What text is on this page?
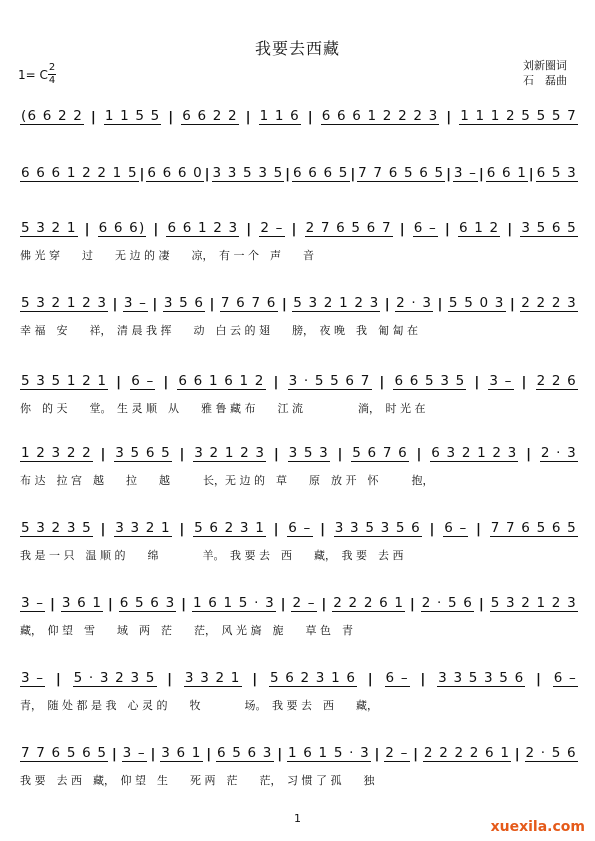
我要去西藏
1= C
2
4
刘新圈词
石　磊曲
(6 6 2 2 | 1 1 5 5 | 6 6 2 2 | 1 1 6 | 6 6 6 1 2 2 2 3 | 1 1 1 2 5 5 5 7
6 6 6 1 2 2 1 5 | 6 6 6 0 | 3 3 5 3 5 | 6 6 6 5 | 7 7 6 5 6 5 | 3 – | 6 6 1 | 6 5 3
5 3 2 1 | 6 6 6) | 6 6 1 2 3 | 2 – | 2 7 6 5 6 7 | 6 – | 6 1 2 | 3 5 6 5
佛 光 穿　　过　　无 边 的 凄　　凉，　有 一 个　声　　音
5 3 2 1 2 3 | 3 – | 3 5 6 | 7 6 7 6 | 5 3 2 1 2 3 | 2 · 3 | 5 5 0 3 | 2 2 2 3
幸 福　安　　祥，　清 晨 我 挥　　动　白 云 的 翅　　膀，　夜 晚　我　匍 匐 在
5 3 5 1 2 1 | 6 – | 6 6 1 6 1 2 | 3 · 5 5 6 7 | 6 6 5 3 5 | 3 – | 2 2 6
你　的 天　　堂。　生 灵 顺　从　　雅 鲁 藏 布　　江 流　　　　　淌，　时 光 在
1 2 3 2 2 | 3 5 6 5 | 3 2 1 2 3 | 3 5 3 | 5 6 7 6 | 6 3 2 1 2 3 | 2 · 3
布 达　拉 宫　越　　拉　　越　　　长，无 边 的　草　　原　放 开　怀　　　抱，
5 3 2 3 5 | 3 3 2 1 | 5 6 2 3 1 | 6 – | 3 3 5 3 5 6 | 6 – | 7 7 6 5 6 5
我 是 一 只　温 顺 的　　绵　　　　羊。　我 要 去　西　　藏，　我 要　去 西
3 – | 3 6 1 | 6 5 6 3 | 1 6 1 5 · 3 | 2 – | 2 2 2 6 1 | 2 · 5 6 | 5 3 2 1 2 3
藏，　仰 望　雪　　域　两　茫　　茫，　风 光 旖　旎　　草 色　青
3 – | 5 · 3 2 3 5 | 3 3 2 1 | 5 6 2 3 1 6 | 6 – | 3 3 5 3 5 6 | 6 –
青，　随 处 都 是 我　心 灵 的　　牧　　　　场。　我 要 去　西　　藏，
7 7 6 5 6 5 | 3 – | 3 6 1 | 6 5 6 3 | 1 6 1 5 · 3 | 2 – | 2 2 2 2 6 1 | 2 · 5 6
我 要　去 西　藏，　仰 望　生　　死 两　茫　　茫，　习 惯 了 孤　　独
1
xuexila.com
